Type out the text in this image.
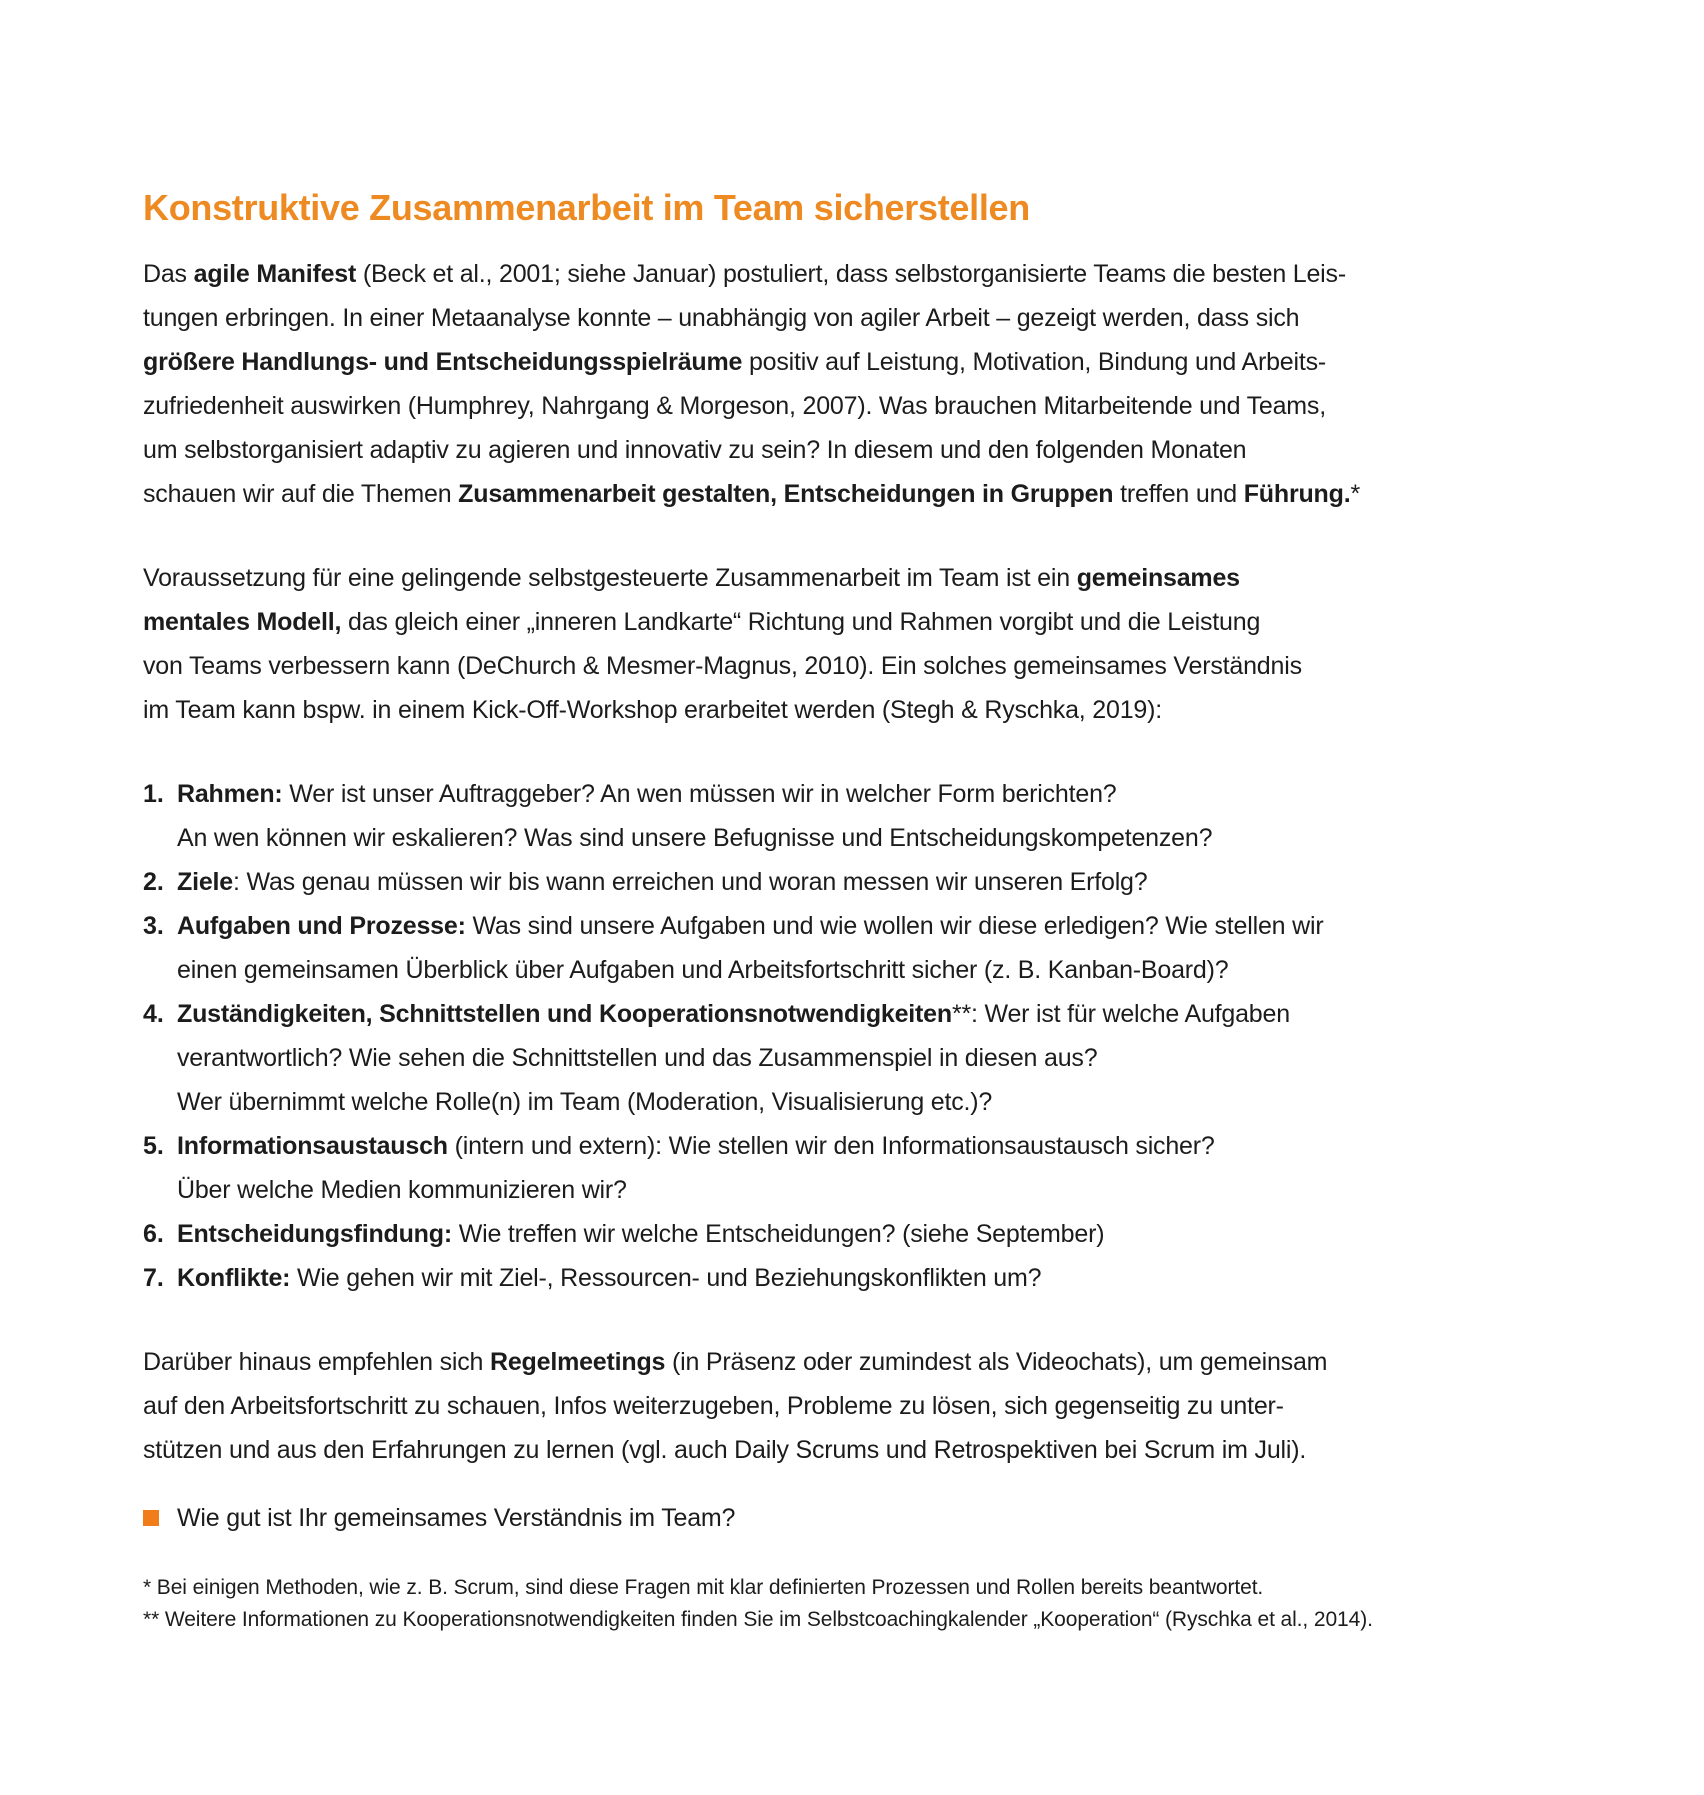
Konstruktive Zusammenarbeit im Team sicherstellen
Das agile Manifest (Beck et al., 2001; siehe Januar) postuliert, dass selbstorganisierte Teams die besten Leis-
tungen erbringen. In einer Metaanalyse konnte – unabhängig von agiler Arbeit – gezeigt werden, dass sich
größere Handlungs- und Entscheidungsspielräume positiv auf Leistung, Motivation, Bindung und Arbeits-
zufriedenheit auswirken (Humphrey, Nahrgang & Morgeson, 2007). Was brauchen Mitarbeitende und Teams,
um selbstorganisiert adaptiv zu agieren und innovativ zu sein? In diesem und den folgenden Monaten
schauen wir auf die Themen Zusammenarbeit gestalten, Entscheidungen in Gruppen treffen und Führung.*
Voraussetzung für eine gelingende selbstgesteuerte Zusammenarbeit im Team ist ein gemeinsames
mentales Modell, das gleich einer „inneren Landkarte“ Richtung und Rahmen vorgibt und die Leistung
von Teams verbessern kann (DeChurch & Mesmer-Magnus, 2010). Ein solches gemeinsames Verständnis
im Team kann bspw. in einem Kick-Off-Workshop erarbeitet werden (Stegh & Ryschka, 2019):
1. Rahmen: Wer ist unser Auftraggeber? An wen müssen wir in welcher Form berichten?
An wen können wir eskalieren? Was sind unsere Befugnisse und Entscheidungskompetenzen?
2. Ziele: Was genau müssen wir bis wann erreichen und woran messen wir unseren Erfolg?
3. Aufgaben und Prozesse: Was sind unsere Aufgaben und wie wollen wir diese erledigen? Wie stellen wir
einen gemeinsamen Überblick über Aufgaben und Arbeitsfortschritt sicher (z. B. Kanban-Board)?
4. Zuständigkeiten, Schnittstellen und Kooperationsnotwendigkeiten**: Wer ist für welche Aufgaben
verantwortlich? Wie sehen die Schnittstellen und das Zusammenspiel in diesen aus?
Wer übernimmt welche Rolle(n) im Team (Moderation, Visualisierung etc.)?
5. Informationsaustausch (intern und extern): Wie stellen wir den Informationsaustausch sicher?
Über welche Medien kommunizieren wir?
6. Entscheidungsfindung: Wie treffen wir welche Entscheidungen? (siehe September)
7. Konflikte: Wie gehen wir mit Ziel-, Ressourcen- und Beziehungskonflikten um?
Darüber hinaus empfehlen sich Regelmeetings (in Präsenz oder zumindest als Videochats), um gemeinsam
auf den Arbeitsfortschritt zu schauen, Infos weiterzugeben, Probleme zu lösen, sich gegenseitig zu unter-
stützen und aus den Erfahrungen zu lernen (vgl. auch Daily Scrums und Retrospektiven bei Scrum im Juli).
Wie gut ist Ihr gemeinsames Verständnis im Team?
* Bei einigen Methoden, wie z. B. Scrum, sind diese Fragen mit klar definierten Prozessen und Rollen bereits beantwortet.
** Weitere Informationen zu Kooperationsnotwendigkeiten finden Sie im Selbstcoachingkalender „Kooperation“ (Ryschka et al., 2014).
